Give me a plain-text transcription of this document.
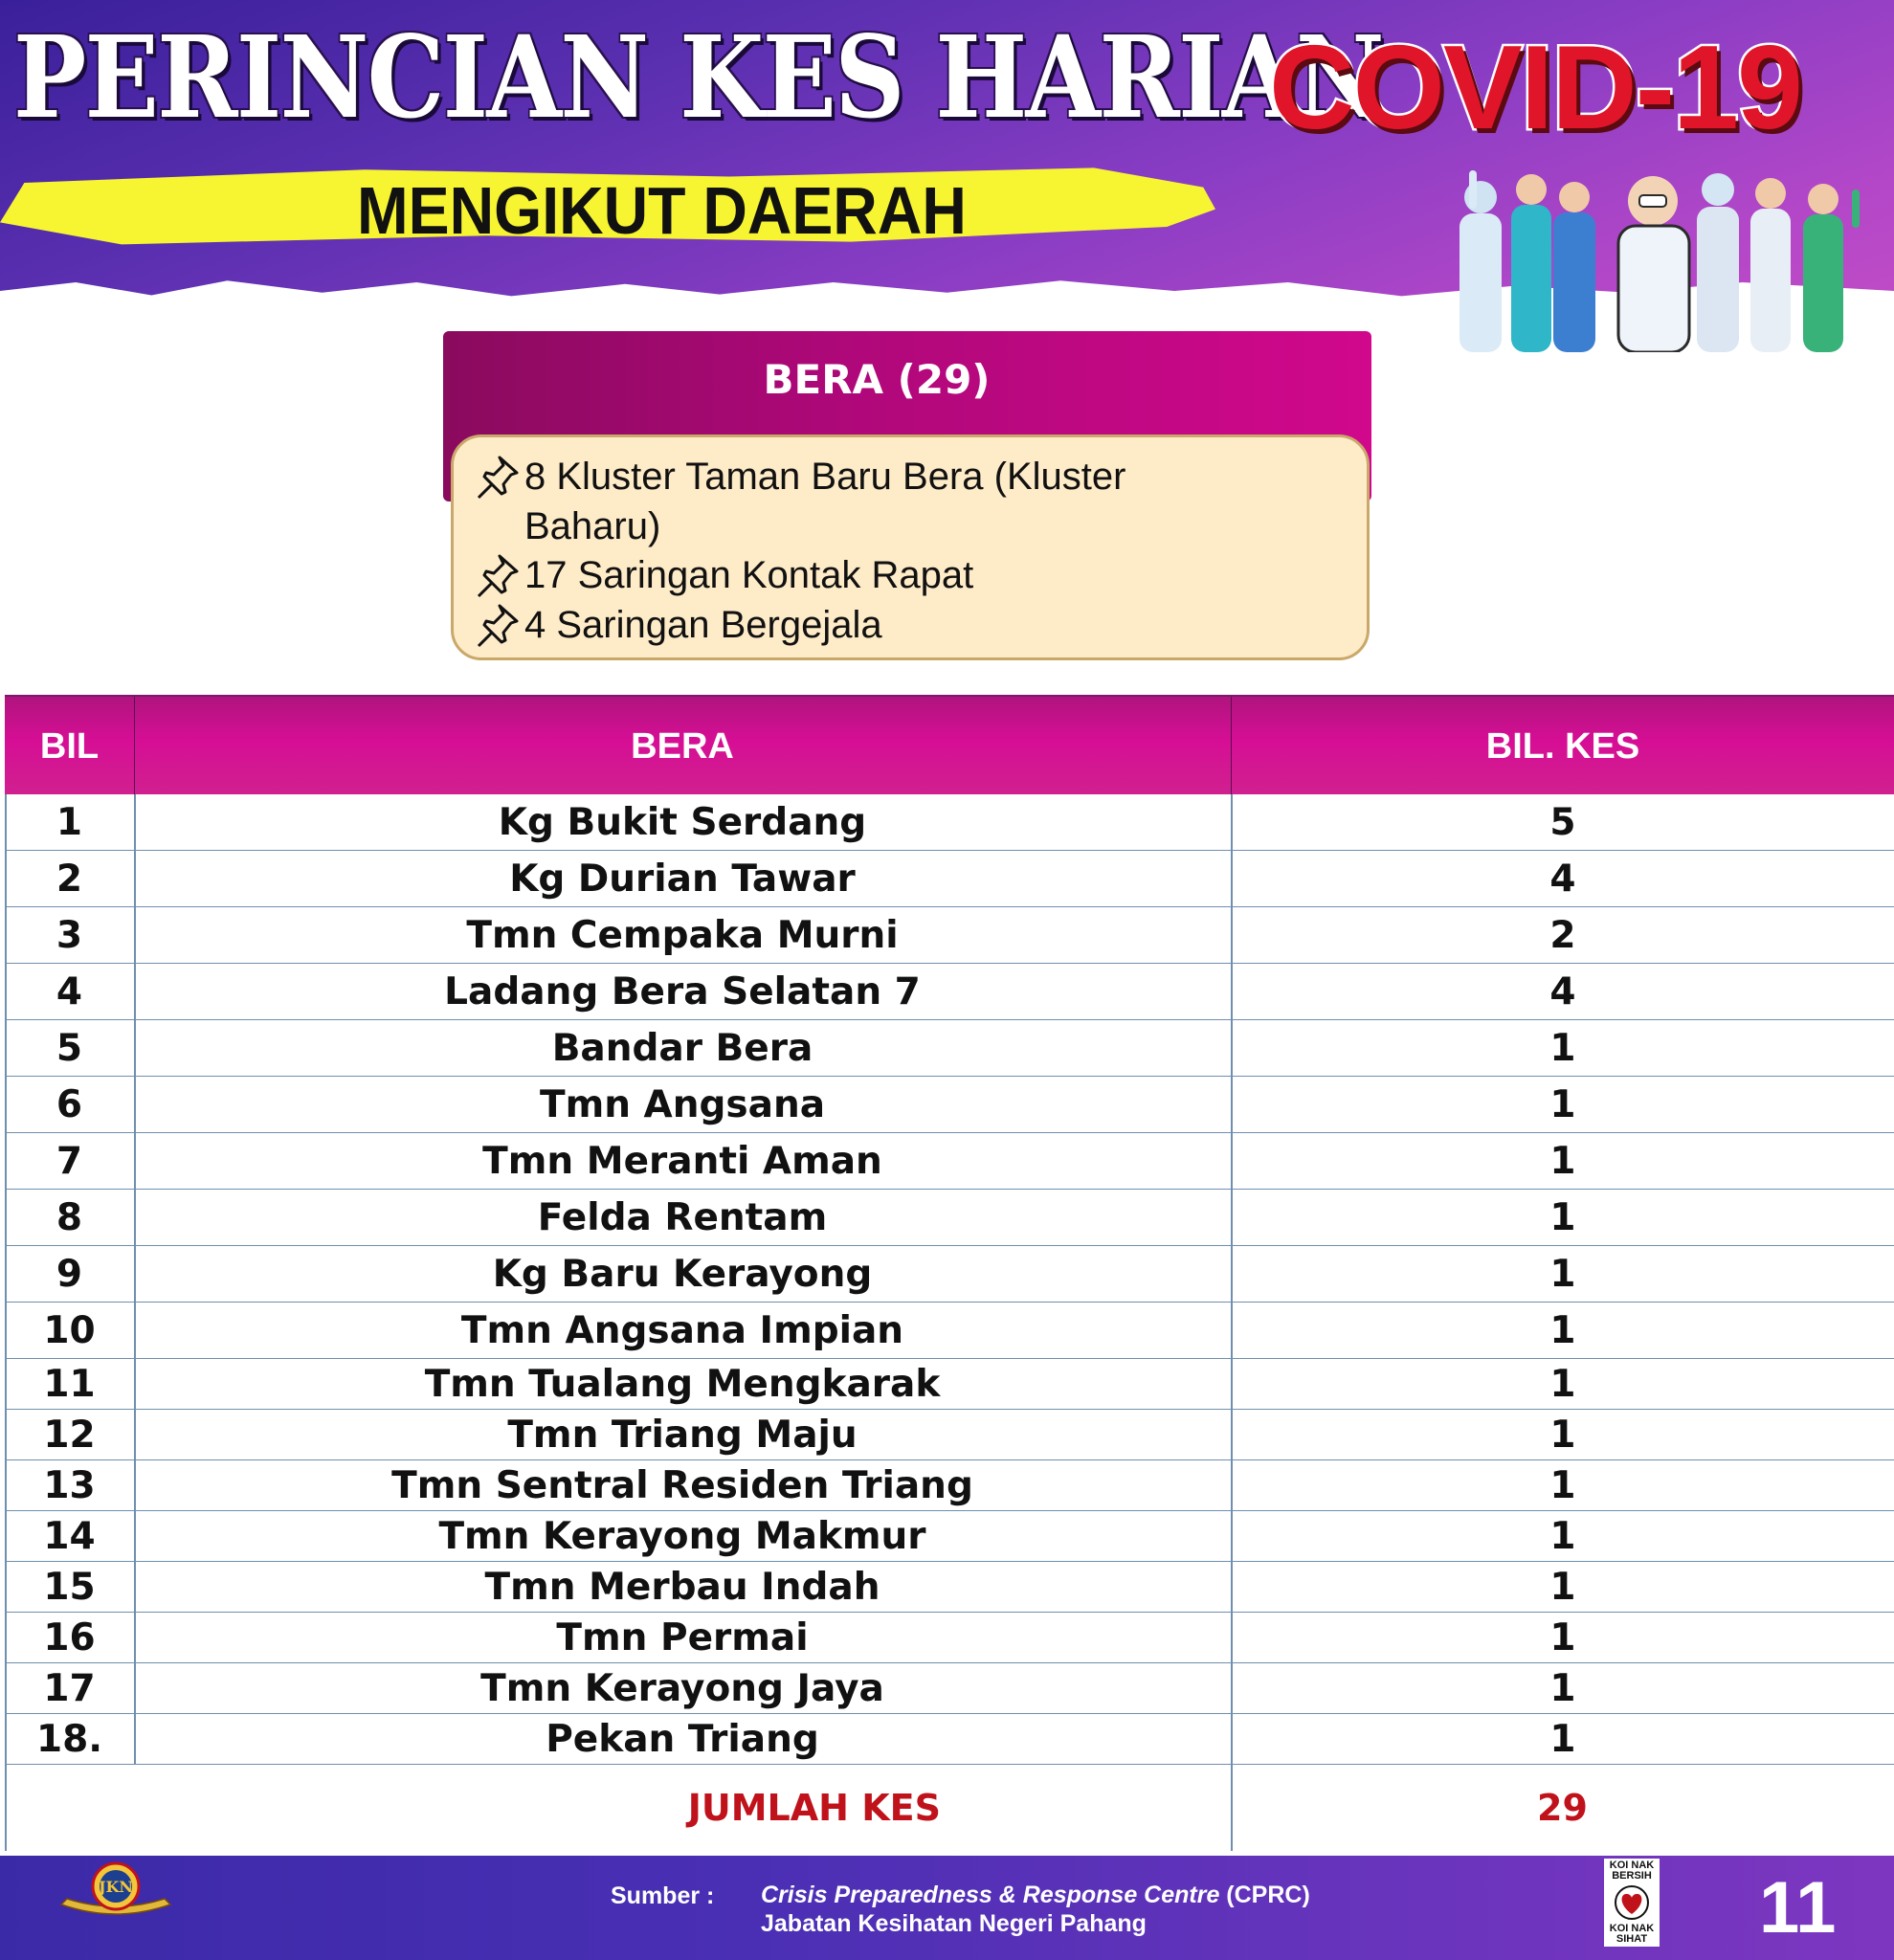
PERINCIAN KES HARIAN
COVID-19
MENGIKUT DAERAH
BERA (29)
8 Kluster Taman Baru Bera (Kluster Baharu)
17 Saringan Kontak Rapat
4 Saringan Bergejala
BIL	BERA	BIL. KES
1	Kg Bukit Serdang	5
2	Kg Durian Tawar	4
3	Tmn Cempaka Murni	2
4	Ladang Bera Selatan 7	4
5	Bandar Bera	1
6	Tmn Angsana	1
7	Tmn Meranti Aman	1
8	Felda Rentam	1
9	Kg Baru Kerayong	1
10	Tmn Angsana Impian	1
11	Tmn Tualang Mengkarak	1
12	Tmn Triang Maju	1
13	Tmn Sentral Residen Triang	1
14	Tmn Kerayong Makmur	1
15	Tmn Merbau Indah	1
16	Tmn Permai	1
17	Tmn Kerayong Jaya	1
18.	Pekan Triang	1
JUMLAH KES	29
JKN	Sumber : Crisis Preparedness & Response Centre (CPRC)
Jabatan Kesihatan Negeri Pahang
KOI NAK BERSIH
KOI NAK SIHAT 11
